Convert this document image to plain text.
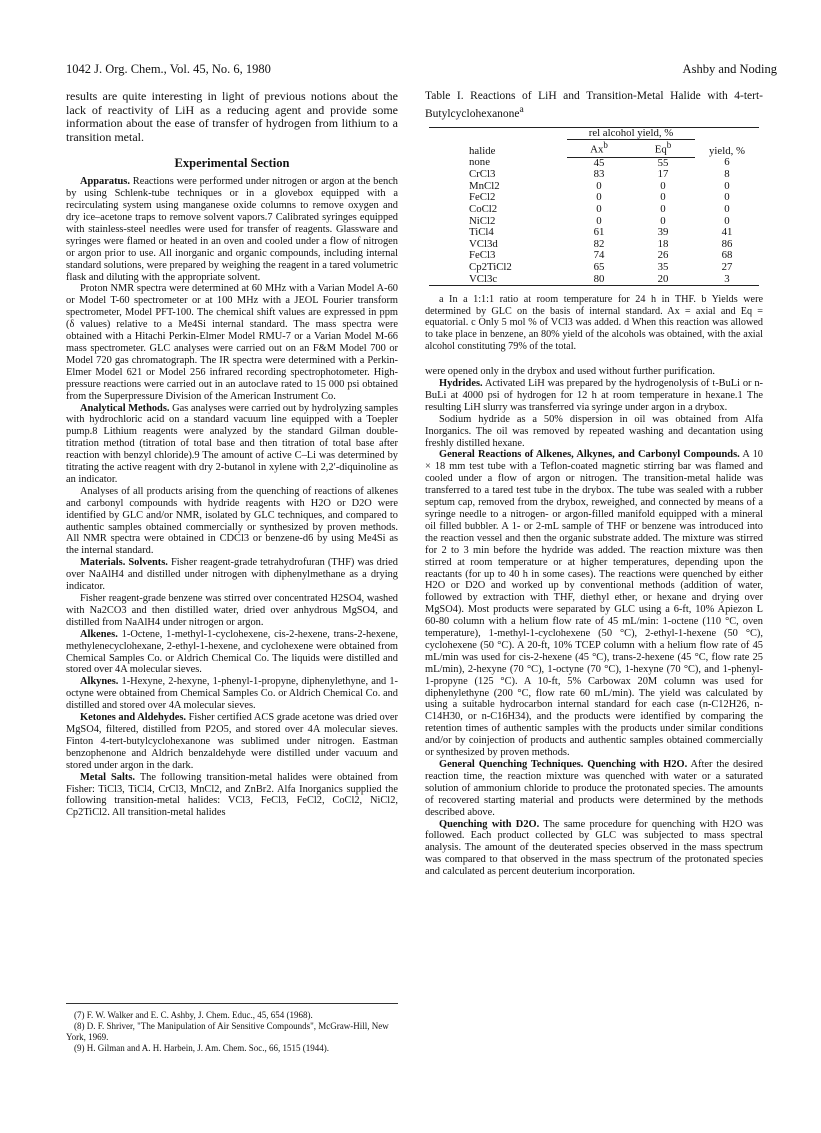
1042 J. Org. Chem., Vol. 45, No. 6, 1980	Ashby and Noding

results are quite interesting in light of previous notions about the lack of reactivity of LiH as a reducing agent and provide some information about the ease of transfer of hydrogen from lithium to a transition metal.

Experimental Section

Apparatus. Reactions were performed under nitrogen or argon at the bench by using Schlenk-tube techniques or in a glovebox equipped with a recirculating system using manganese oxide columns to remove oxygen and dry ice–acetone traps to remove solvent vapors.7 Calibrated syringes equipped with stainless-steel needles were used for transfer of reagents. Glassware and syringes were flamed or heated in an oven and cooled under a flow of nitrogen or argon prior to use. All inorganic and organic compounds, including internal standard solutions, were prepared by weighing the reagent in a tared volumetric flask and diluting with the appropriate solvent.

Proton NMR spectra were determined at 60 MHz with a Varian Model A-60 or Model T-60 spectrometer or at 100 MHz with a JEOL Fourier transform spectrometer, Model PFT-100. The chemical shift values are expressed in ppm (δ values) relative to a Me4Si internal standard. The mass spectra were obtained with a Hitachi Perkin-Elmer Model RMU-7 or a Varian Model M-66 mass spectrometer. GLC analyses were carried out on an F&M Model 700 or Model 720 gas chromatograph. The IR spectra were determined with a Perkin-Elmer Model 621 or Model 256 infrared recording spectrophotometer. High-pressure reactions were carried out in an autoclave rated to 15 000 psi obtained from the Superpressure Division of the American Instrument Co.

Analytical Methods. Gas analyses were carried out by hydrolyzing samples with hydrochloric acid on a standard vacuum line equipped with a Toepler pump.8 Lithium reagents were analyzed by the standard Gilman double-titration method (titration of total base and then titration of total base after reaction with benzyl chloride).9 The amount of active C–Li was determined by titrating the active reagent with dry 2-butanol in xylene with 2,2′-diquinoline as an indicator.

Analyses of all products arising from the quenching of reactions of alkenes and carbonyl compounds with hydride reagents with H2O or D2O were identified by GLC and/or NMR, isolated by GLC techniques, and compared to authentic samples obtained commercially or synthesized by proven methods. All NMR spectra were obtained in CDCl3 or benzene-d6 by using Me4Si as the internal standard.

Materials. Solvents. Fisher reagent-grade tetrahydrofuran (THF) was dried over NaAlH4 and distilled under nitrogen with diphenylmethane as a drying indicator.

Fisher reagent-grade benzene was stirred over concentrated H2SO4, washed with Na2CO3 and then distilled water, dried over anhydrous MgSO4, and distilled from NaAlH4 under nitrogen or argon.

Alkenes. 1-Octene, 1-methyl-1-cyclohexene, cis-2-hexene, trans-2-hexene, methylenecyclohexane, 2-ethyl-1-hexene, and cyclohexene were obtained from Chemical Samples Co. or Aldrich Chemical Co. The liquids were distilled and stored over 4A molecular sieves.

Alkynes. 1-Hexyne, 2-hexyne, 1-phenyl-1-propyne, diphenylethyne, and 1-octyne were obtained from Chemical Samples Co. or Aldrich Chemical Co. and distilled and stored over 4A molecular sieves.

Ketones and Aldehydes. Fisher certified ACS grade acetone was dried over MgSO4, filtered, distilled from P2O5, and stored over 4A molecular sieves. Finton 4-tert-butylcyclohexanone was sublimed under nitrogen. Eastman benzophenone and Aldrich benzaldehyde were distilled under vacuum and stored under argon in the dark.

Metal Salts. The following transition-metal halides were obtained from Fisher: TiCl3, TiCl4, CrCl3, MnCl2, and ZnBr2. Alfa Inorganics supplied the following transition-metal halides: VCl3, FeCl3, FeCl2, CoCl2, NiCl2, Cp2TiCl2. All transition-metal halides

(7) F. W. Walker and E. C. Ashby, J. Chem. Educ., 45, 654 (1968).
(8) D. F. Shriver, "The Manipulation of Air Sensitive Compounds", McGraw-Hill, New York, 1969.
(9) H. Gilman and A. H. Harbein, J. Am. Chem. Soc., 66, 1515 (1944).
Table I. Reactions of LiH and Transition-Metal Halide with 4-tert-Butylcyclohexanone$^a$
halide	rel alcohol yield, %		yield, %
	Ax$^b$	Eq$^b$
none	45	55	6
CrCl3	83	17	8
MnCl2	0	0	0
FeCl2	0	0	0
CoCl2	0	0	0
NiCl2	0	0	0
TiCl4	61	39	41
VCl3d	82	18	86
FeCl3	74	26	68
Cp2TiCl2	65	35	27
VCl3c	80	20	3

a In a 1:1:1 ratio at room temperature for 24 h in THF. b Yields were determined by GLC on the basis of internal standard. Ax = axial and Eq = equatorial. c Only 5 mol % of VCl3 was added. d When this reaction was allowed to take place in benzene, an 80% yield of the alcohols was obtained, with the axial alcohol constituting 79% of the total.

were opened only in the drybox and used without further purification.

Hydrides. Activated LiH was prepared by the hydrogenolysis of t-BuLi or n-BuLi at 4000 psi of hydrogen for 12 h at room temperature in hexane.1 The resulting LiH slurry was transferred via syringe under argon in a drybox.

Sodium hydride as a 50% dispersion in oil was obtained from Alfa Inorganics. The oil was removed by repeated washing and decantation using freshly distilled hexane.

General Reactions of Alkenes, Alkynes, and Carbonyl Compounds. A 10 × 18 mm test tube with a Teflon-coated magnetic stirring bar was flamed and cooled under a flow of argon or nitrogen. The transition-metal halide was transferred to a tared test tube in the drybox. The tube was sealed with a rubber septum cap, removed from the drybox, reweighed, and connected by means of a syringe needle to a nitrogen- or argon-filled manifold equipped with a mineral oil filled bubbler. A 1- or 2-mL sample of THF or benzene was introduced into the reaction vessel and then the organic substrate added. The mixture was stirred for 2 to 3 min before the hydride was added. The reaction mixture was then stirred at room temperature or at higher temperatures, depending upon the reactants (for up to 40 h in some cases). The reactions were quenched by either H2O or D2O and worked up by conventional methods (addition of water, followed by extraction with THF, diethyl ether, or hexane and drying over MgSO4). Most products were separated by GLC using a 6-ft, 10% Apiezon L 60-80 column with a helium flow rate of 45 mL/min: 1-octene (110 °C, oven temperature), 1-methyl-1-cyclohexene (50 °C), 2-ethyl-1-hexene (50 °C), cyclohexene (50 °C). A 20-ft, 10% TCEP column with a helium flow rate of 45 mL/min was used for cis-2-hexene (45 °C), trans-2-hexene (45 °C, flow rate 25 mL/min), 2-hexyne (70 °C), 1-octyne (70 °C), 1-hexyne (70 °C), and 1-phenyl-1-propyne (125 °C). A 10-ft, 5% Carbowax 20M column was used for diphenylethyne (200 °C, flow rate 60 mL/min). The yield was calculated by using a suitable hydrocarbon internal standard for each case (n-C12H26, n-C14H30, or n-C16H34), and the products were identified by comparing the retention times of authentic samples with the products under similar conditions and/or by coinjection of products and authentic samples obtained commercially or synthesized by proven methods.

General Quenching Techniques. Quenching with H2O. After the desired reaction time, the reaction mixture was quenched with water or a saturated solution of ammonium chloride to produce the protonated species. The amounts of recovered starting material and products were determined by the methods described above.

Quenching with D2O. The same procedure for quenching with H2O was followed. Each product collected by GLC was subjected to mass spectral analysis. The amount of the deuterated species observed in the mass spectrum was compared to that observed in the mass spectrum of the protonated species and calculated as percent deuterium incorporation.
